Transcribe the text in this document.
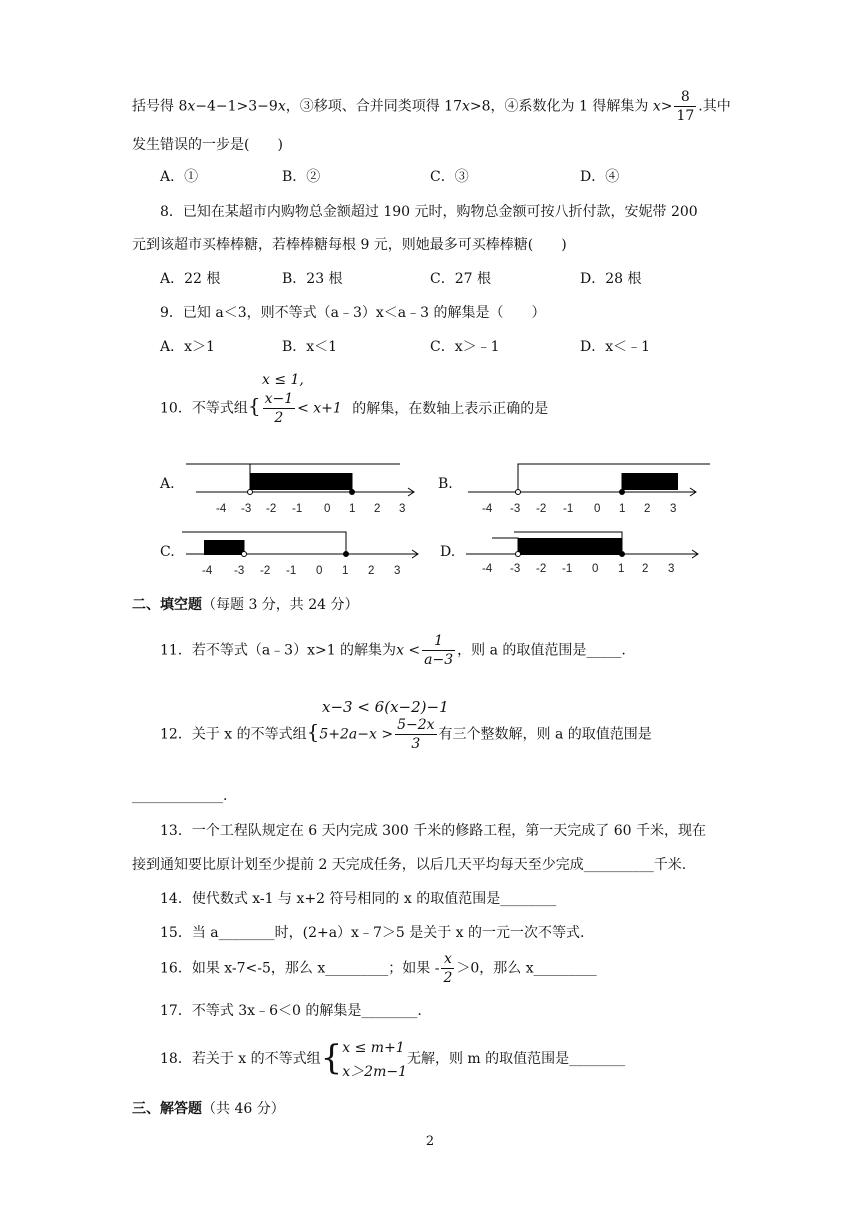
括号得 8x−4−1>3−9x，③移项、合并同类项得 17x>8，④系数化为 1 得解集为 $x> \frac{8}{17}$ .其中
发生错误的一步是(　　)
A．①	B．②	C．③	D．④
8．已知在某超市内购物总金额超过 190 元时，购物总金额可按八折付款，安妮带 200
元到该超市买棒棒糖，若棒棒糖每根 9 元，则她最多可买棒棒糖(　　)
A．22 根	B．23 根	C．27 根	D．28 根
9．已知 a＜3，则不等式（a﹣3）x＜a﹣3 的解集是（　　）
A．x＞1	B．x＜1	C．x＞﹣1	D．x＜﹣1
x ≤ 1,
10．不等式组{ $\frac{x-1}{2} < x+1$ 的解集，在数轴上表示正确的是
A.	B.
C.	D.
-4 -3 -2 -1 0 1 2 3	-4 -3 -2 -1 0 1 2 3
-4 -3 -2 -1 0 1 2 3	-4 -3 -2 -1 0 1 2 3
二、填空题（每题 3 分，共 24 分）
11．若不等式（a﹣3）x>1 的解集为$x < \frac{1}{a-3}$ ，则 a 的取值范围是_____.
x−3 < 6(x−2)−1
12．关于 x 的不等式组{$5+2a-x > \frac{5-2x}{3}$ 有三个整数解，则 a 的取值范围是
_____________.
13．一个工程队规定在 6 天内完成 300 千米的修路工程，第一天完成了 60 千米，现在
接到通知要比原计划至少提前 2 天完成任务，以后几天平均每天至少完成__________千米.
14．使代数式 x-1 与 x+2 符号相同的 x 的取值范围是________
15．当 a________时，(2+a）x﹣7＞5 是关于 x 的一元一次不等式.
16．如果 x-7<-5，那么 x_________；如果 - $\frac{x}{2} >0$，那么 x_________
17．不等式 3x﹣6＜0 的解集是________.
18．若关于 x 的不等式组{x ≤ m+1
x＞2m−1无解，则 m 的取值范围是________
三、解答题（共 46 分）
2
